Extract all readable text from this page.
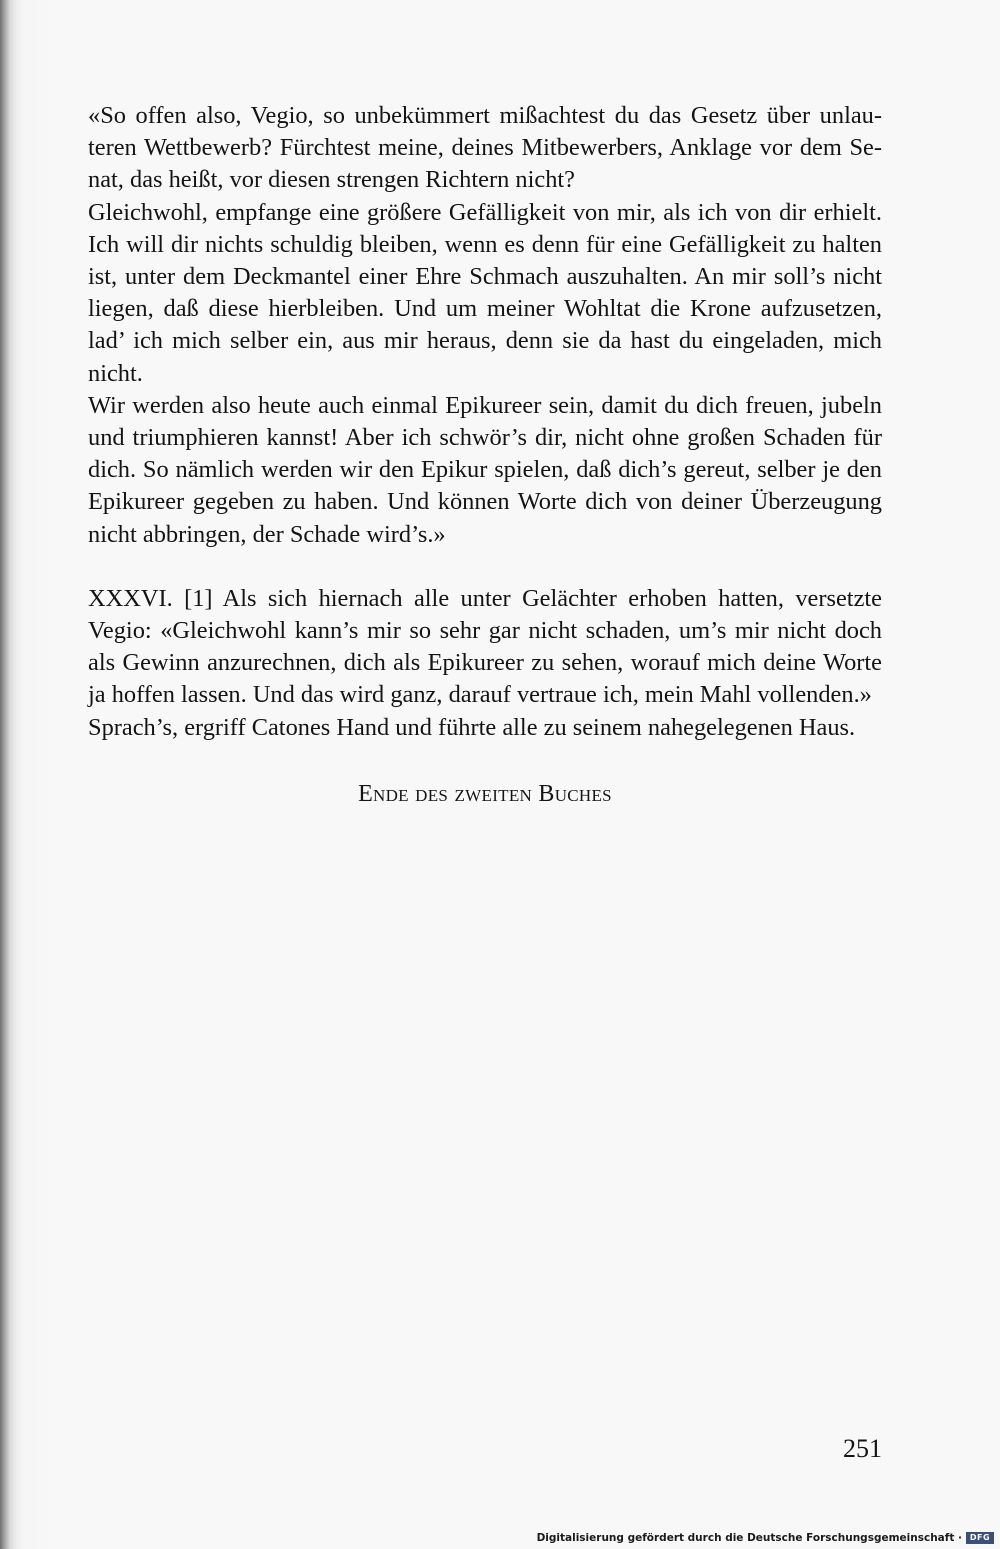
«So offen also, Vegio, so unbekümmert mißachtest du das Gesetz über unlauteren Wettbewerb? Fürchtest meine, deines Mitbewerbers, Anklage vor dem Senat, das heißt, vor diesen strengen Richtern nicht?

Gleichwohl, empfange eine größere Gefälligkeit von mir, als ich von dir erhielt. Ich will dir nichts schuldig bleiben, wenn es denn für eine Gefälligkeit zu halten ist, unter dem Deckmantel einer Ehre Schmach auszuhalten. An mir soll’s nicht liegen, daß diese hierbleiben. Und um meiner Wohltat die Krone aufzusetzen, lad’ ich mich selber ein, aus mir heraus, denn sie da hast du eingeladen, mich nicht.

Wir werden also heute auch einmal Epikureer sein, damit du dich freuen, jubeln und triumphieren kannst! Aber ich schwör’s dir, nicht ohne großen Schaden für dich. So nämlich werden wir den Epikur spielen, daß dich’s gereut, selber je den Epikureer gegeben zu haben. Und können Worte dich von deiner Überzeugung nicht abbringen, der Schade wird’s.»

XXXVI. [1] Als sich hiernach alle unter Gelächter erhoben hatten, versetzte Vegio: «Gleichwohl kann’s mir so sehr gar nicht schaden, um’s mir nicht doch als Gewinn anzurechnen, dich als Epikureer zu sehen, worauf mich deine Worte ja hoffen lassen. Und das wird ganz, darauf vertraue ich, mein Mahl vollenden.»

Sprach’s, ergriff Catones Hand und führte alle zu seinem nahegelegenen Haus.

Ende des zweiten Buches

251
Digitalisierung gefördert durch die Deutsche Forschungsgemeinschaft · DFG
